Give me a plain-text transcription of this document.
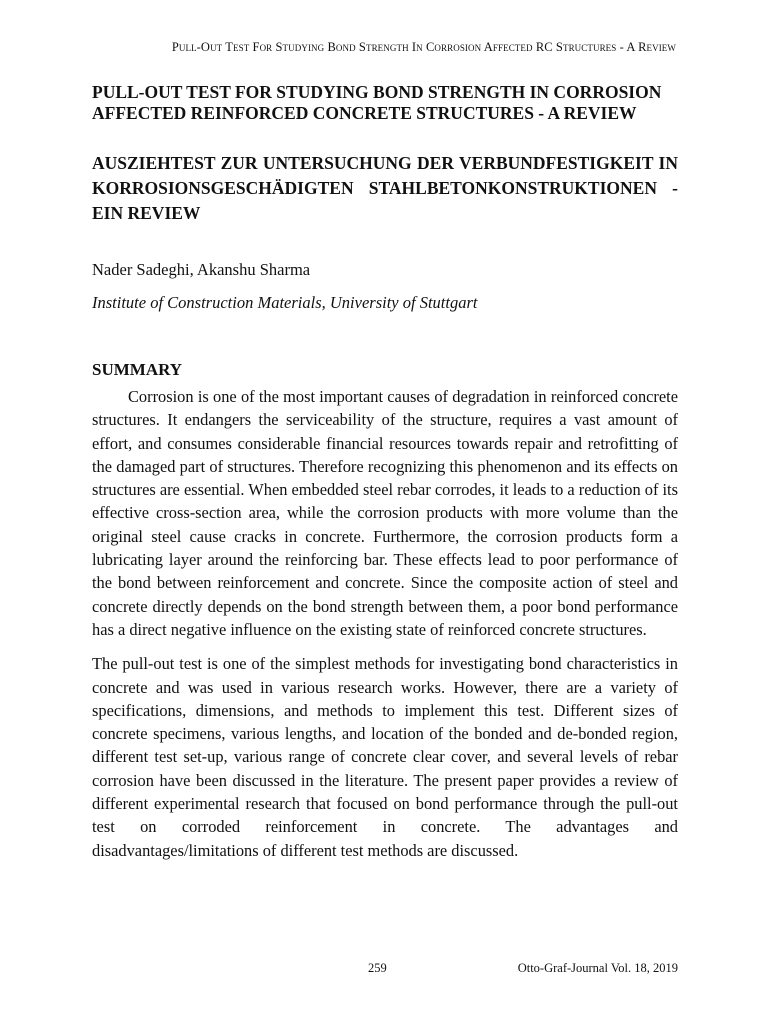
Pull-Out Test For Studying Bond Strength In Corrosion Affected RC Structures - A Review
PULL-OUT TEST FOR STUDYING BOND STRENGTH IN CORROSION AFFECTED REINFORCED CONCRETE STRUCTURES - A REVIEW
AUSZIEHTEST ZUR UNTERSUCHUNG DER VERBUNDFESTIGKEIT IN KORROSIONSGESCHÄDIGTEN STAHLBETONKONSTRUKTIONEN - EIN REVIEW

Nader Sadeghi, Akanshu Sharma

Institute of Construction Materials, University of Stuttgart

SUMMARY

Corrosion is one of the most important causes of degradation in reinforced concrete structures. It endangers the serviceability of the structure, requires a vast amount of effort, and consumes considerable financial resources towards repair and retrofitting of the damaged part of structures. Therefore recognizing this phenomenon and its effects on structures are essential. When embedded steel rebar corrodes, it leads to a reduction of its effective cross-section area, while the corrosion products with more volume than the original steel cause cracks in concrete. Furthermore, the corrosion products form a lubricating layer around the reinforcing bar. These effects lead to poor performance of the bond between reinforcement and concrete. Since the composite action of steel and concrete directly depends on the bond strength between them, a poor bond performance has a direct negative influence on the existing state of reinforced concrete structures.

The pull-out test is one of the simplest methods for investigating bond characteristics in concrete and was used in various research works. However, there are a variety of specifications, dimensions, and methods to implement this test. Different sizes of concrete specimens, various lengths, and location of the bonded and de-bonded region, different test set-up, various range of concrete clear cover, and several levels of rebar corrosion have been discussed in the literature. The present paper provides a review of different experimental research that focused on bond performance through the pull-out test on corroded reinforcement in concrete. The advantages and disadvantages/limitations of different test methods are discussed.

259	Otto-Graf-Journal Vol. 18, 2019
